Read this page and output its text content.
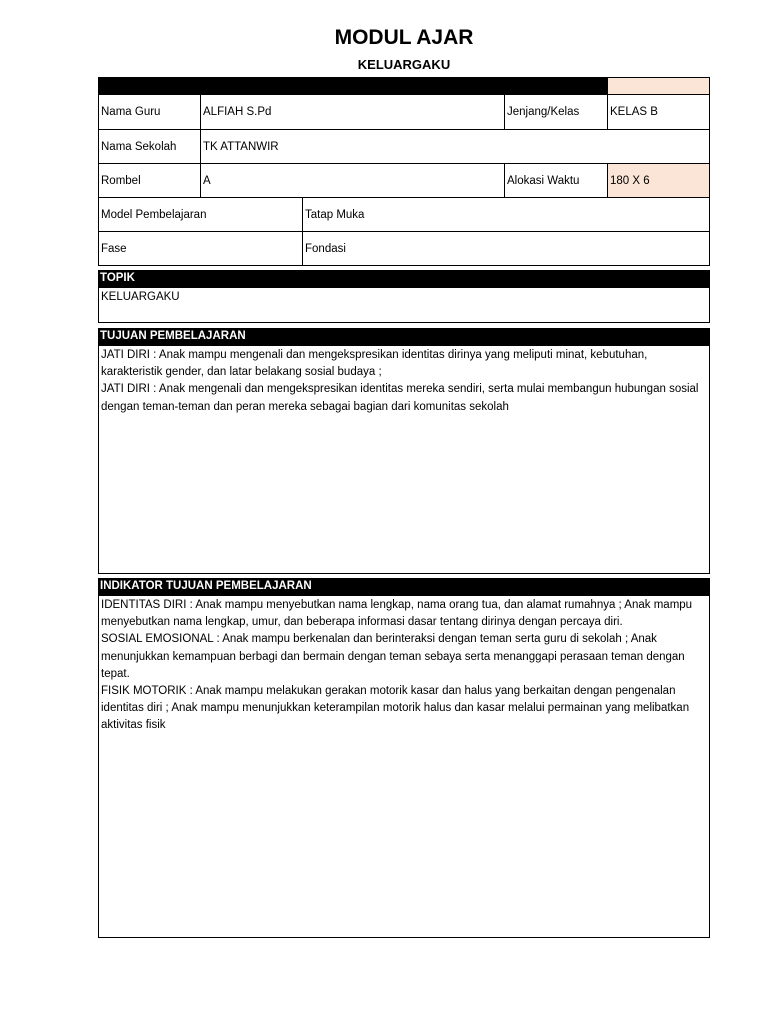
MODUL AJAR
KELUARGAKU
Nama Guru	ALFIAH S.Pd	Jenjang/Kelas	KELAS B
Nama Sekolah	TK ATTANWIR
Rombel	A	Alokasi Waktu	180 X 6
Model Pembelajaran	Tatap Muka
Fase	Fondasi
TOPIK

KELUARGAKU

TUJUAN PEMBELAJARAN

JATI DIRI : Anak mampu mengenali dan mengekspresikan identitas dirinya yang meliputi minat, kebutuhan, karakteristik gender, dan latar belakang sosial budaya ;

JATI DIRI : Anak mengenali dan mengekspresikan identitas mereka sendiri, serta mulai membangun hubungan sosial dengan teman-teman dan peran mereka sebagai bagian dari komunitas sekolah

INDIKATOR TUJUAN PEMBELAJARAN

IDENTITAS DIRI : Anak mampu menyebutkan nama lengkap, nama orang tua, dan alamat rumahnya ; Anak mampu menyebutkan nama lengkap, umur, dan beberapa informasi dasar tentang dirinya dengan percaya diri.

SOSIAL EMOSIONAL : Anak mampu berkenalan dan berinteraksi dengan teman serta guru di sekolah ; Anak menunjukkan kemampuan berbagi dan bermain dengan teman sebaya serta menanggapi perasaan teman dengan tepat.

FISIK MOTORIK : Anak mampu melakukan gerakan motorik kasar dan halus yang berkaitan dengan pengenalan identitas diri ; Anak mampu menunjukkan keterampilan motorik halus dan kasar melalui permainan yang melibatkan aktivitas fisik
